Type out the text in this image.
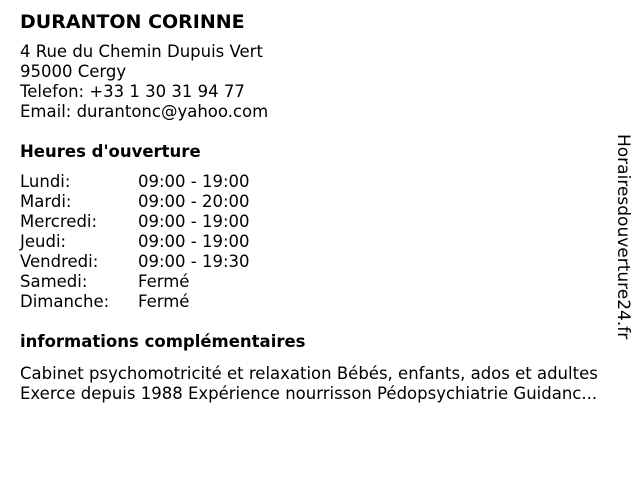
DURANTON CORINNE
4 Rue du Chemin Dupuis Vert
95000 Cergy
Telefon: +33 1 30 31 94 77
Email: durantonc@yahoo.com
Heures d'ouverture
Lundi:	09:00 - 19:00
Mardi:	09:00 - 20:00
Mercredi:	09:00 - 19:00
Jeudi:	09:00 - 19:00
Vendredi:	09:00 - 19:30
Samedi:	Fermé
Dimanche:	Fermé
informations complémentaires
Cabinet psychomotricité et relaxation Bébés, enfants, ados et adultes
Exerce depuis 1988 Expérience nourrisson Pédopsychiatrie Guidanc...
Horairesdouverture24.fr
